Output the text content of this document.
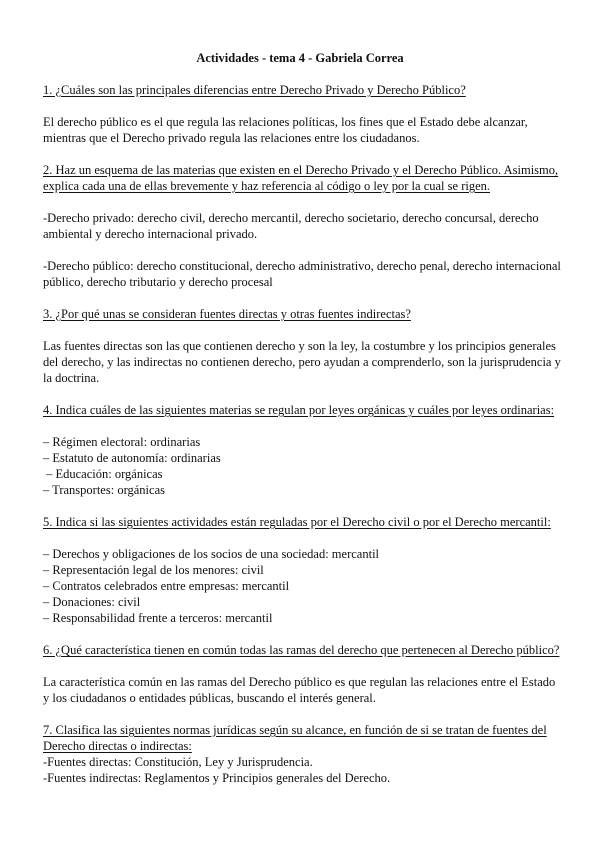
Actividades - tema 4 - Gabriela Correa
1. ¿Cuáles son las principales diferencias entre Derecho Privado y Derecho Público?
El derecho público es el que regula las relaciones políticas, los fines que el Estado debe alcanzar, mientras que el Derecho privado regula las relaciones entre los ciudadanos.
2. Haz un esquema de las materias que existen en el Derecho Privado y el Derecho Público. Asimismo, explica cada una de ellas brevemente y haz referencia al código o ley por la cual se rigen.
-Derecho privado: derecho civil, derecho mercantil, derecho societario, derecho concursal, derecho ambiental y derecho internacional privado.
-Derecho público: derecho constitucional, derecho administrativo, derecho penal, derecho internacional público, derecho tributario y derecho procesal
3. ¿Por qué unas se consideran fuentes directas y otras fuentes indirectas?
Las fuentes directas son las que contienen derecho y son la ley, la costumbre y los principios generales del derecho, y las indirectas no contienen derecho, pero ayudan a comprenderlo, son la jurisprudencia y la doctrina.
4. Indica cuáles de las siguientes materias se regulan por leyes orgánicas y cuáles por leyes ordinarias:
– Régimen electoral: ordinarias
– Estatuto de autonomía: ordinarias
– Educación: orgánicas
– Transportes: orgánicas
5. Indica si las siguientes actividades están reguladas por el Derecho civil o por el Derecho mercantil:
– Derechos y obligaciones de los socios de una sociedad: mercantil
– Representación legal de los menores: civil
– Contratos celebrados entre empresas: mercantil
– Donaciones: civil
– Responsabilidad frente a terceros: mercantil
6. ¿Qué característica tienen en común todas las ramas del derecho que pertenecen al Derecho público?
La característica común en las ramas del Derecho público es que regulan las relaciones entre el Estado y los ciudadanos o entidades públicas, buscando el interés general.
7. Clasifica las siguientes normas jurídicas según su alcance, en función de si se tratan de fuentes del Derecho directas o indirectas:
-Fuentes directas: Constitución, Ley y Jurisprudencia.
-Fuentes indirectas: Reglamentos y Principios generales del Derecho.
